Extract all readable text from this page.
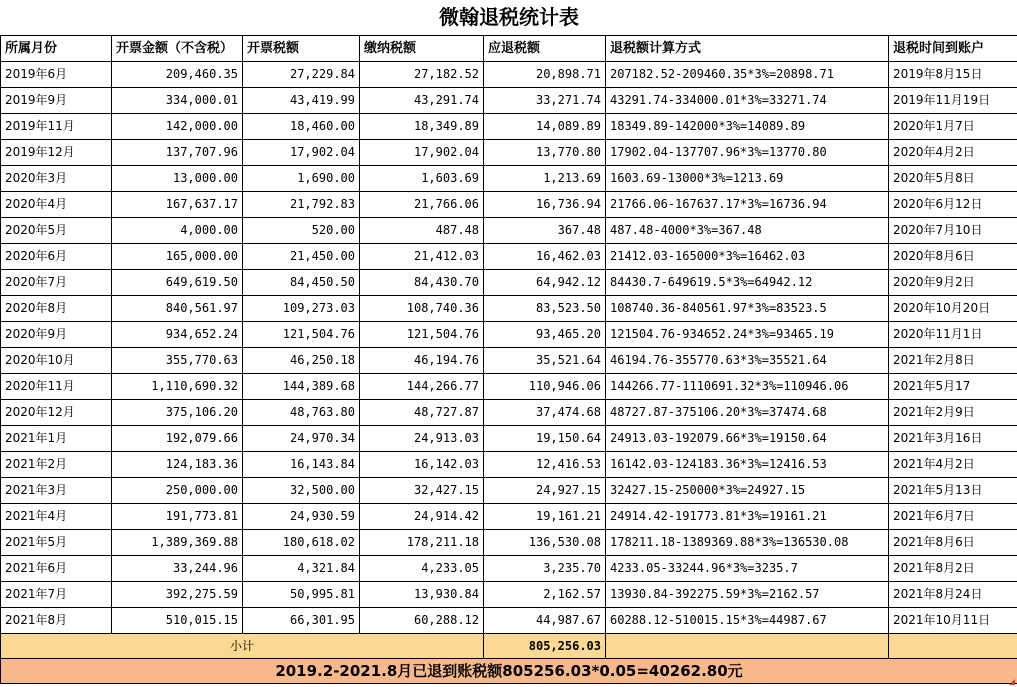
微翰退税统计表						
所属月份	开票金额（不含税）	开票税额	缴纳税额	应退税额	退税额计算方式	退税时间到账户
2019年6月	209,460.35	27,229.84	27,182.52	20,898.71	207182.52-209460.35*3%=20898.71	2019年8月15日
2019年9月	334,000.01	43,419.99	43,291.74	33,271.74	43291.74-334000.01*3%=33271.74	2019年11月19日
2019年11月	142,000.00	18,460.00	18,349.89	14,089.89	18349.89-142000*3%=14089.89	2020年1月7日
2019年12月	137,707.96	17,902.04	17,902.04	13,770.80	17902.04-137707.96*3%=13770.80	2020年4月2日
2020年3月	13,000.00	1,690.00	1,603.69	1,213.69	1603.69-13000*3%=1213.69	2020年5月8日
2020年4月	167,637.17	21,792.83	21,766.06	16,736.94	21766.06-167637.17*3%=16736.94	2020年6月12日
2020年5月	4,000.00	520.00	487.48	367.48	487.48-4000*3%=367.48	2020年7月10日
2020年6月	165,000.00	21,450.00	21,412.03	16,462.03	21412.03-165000*3%=16462.03	2020年8月6日
2020年7月	649,619.50	84,450.50	84,430.70	64,942.12	84430.7-649619.5*3%=64942.12	2020年9月2日
2020年8月	840,561.97	109,273.03	108,740.36	83,523.50	108740.36-840561.97*3%=83523.5	2020年10月20日
2020年9月	934,652.24	121,504.76	121,504.76	93,465.20	121504.76-934652.24*3%=93465.19	2020年11月1日
2020年10月	355,770.63	46,250.18	46,194.76	35,521.64	46194.76-355770.63*3%=35521.64	2021年2月8日
2020年11月	1,110,690.32	144,389.68	144,266.77	110,946.06	144266.77-1110691.32*3%=110946.06	2021年5月17
2020年12月	375,106.20	48,763.80	48,727.87	37,474.68	48727.87-375106.20*3%=37474.68	2021年2月9日
2021年1月	192,079.66	24,970.34	24,913.03	19,150.64	24913.03-192079.66*3%=19150.64	2021年3月16日
2021年2月	124,183.36	16,143.84	16,142.03	12,416.53	16142.03-124183.36*3%=12416.53	2021年4月2日
2021年3月	250,000.00	32,500.00	32,427.15	24,927.15	32427.15-250000*3%=24927.15	2021年5月13日
2021年4月	191,773.81	24,930.59	24,914.42	19,161.21	24914.42-191773.81*3%=19161.21	2021年6月7日
2021年5月	1,389,369.88	180,618.02	178,211.18	136,530.08	178211.18-1389369.88*3%=136530.08	2021年8月6日
2021年6月	33,244.96	4,321.84	4,233.05	3,235.70	4233.05-33244.96*3%=3235.7	2021年8月2日
2021年7月	392,275.59	50,995.81	13,930.84	2,162.57	13930.84-392275.59*3%=2162.57	2021年8月24日
2021年8月	510,015.15	66,301.95	60,288.12	44,987.67	60288.12-510015.15*3%=44987.67	2021年10月11日
小计				805,256.03		
2019.2-2021.8月已退到账税额805256.03*0.05=40262.80元						
